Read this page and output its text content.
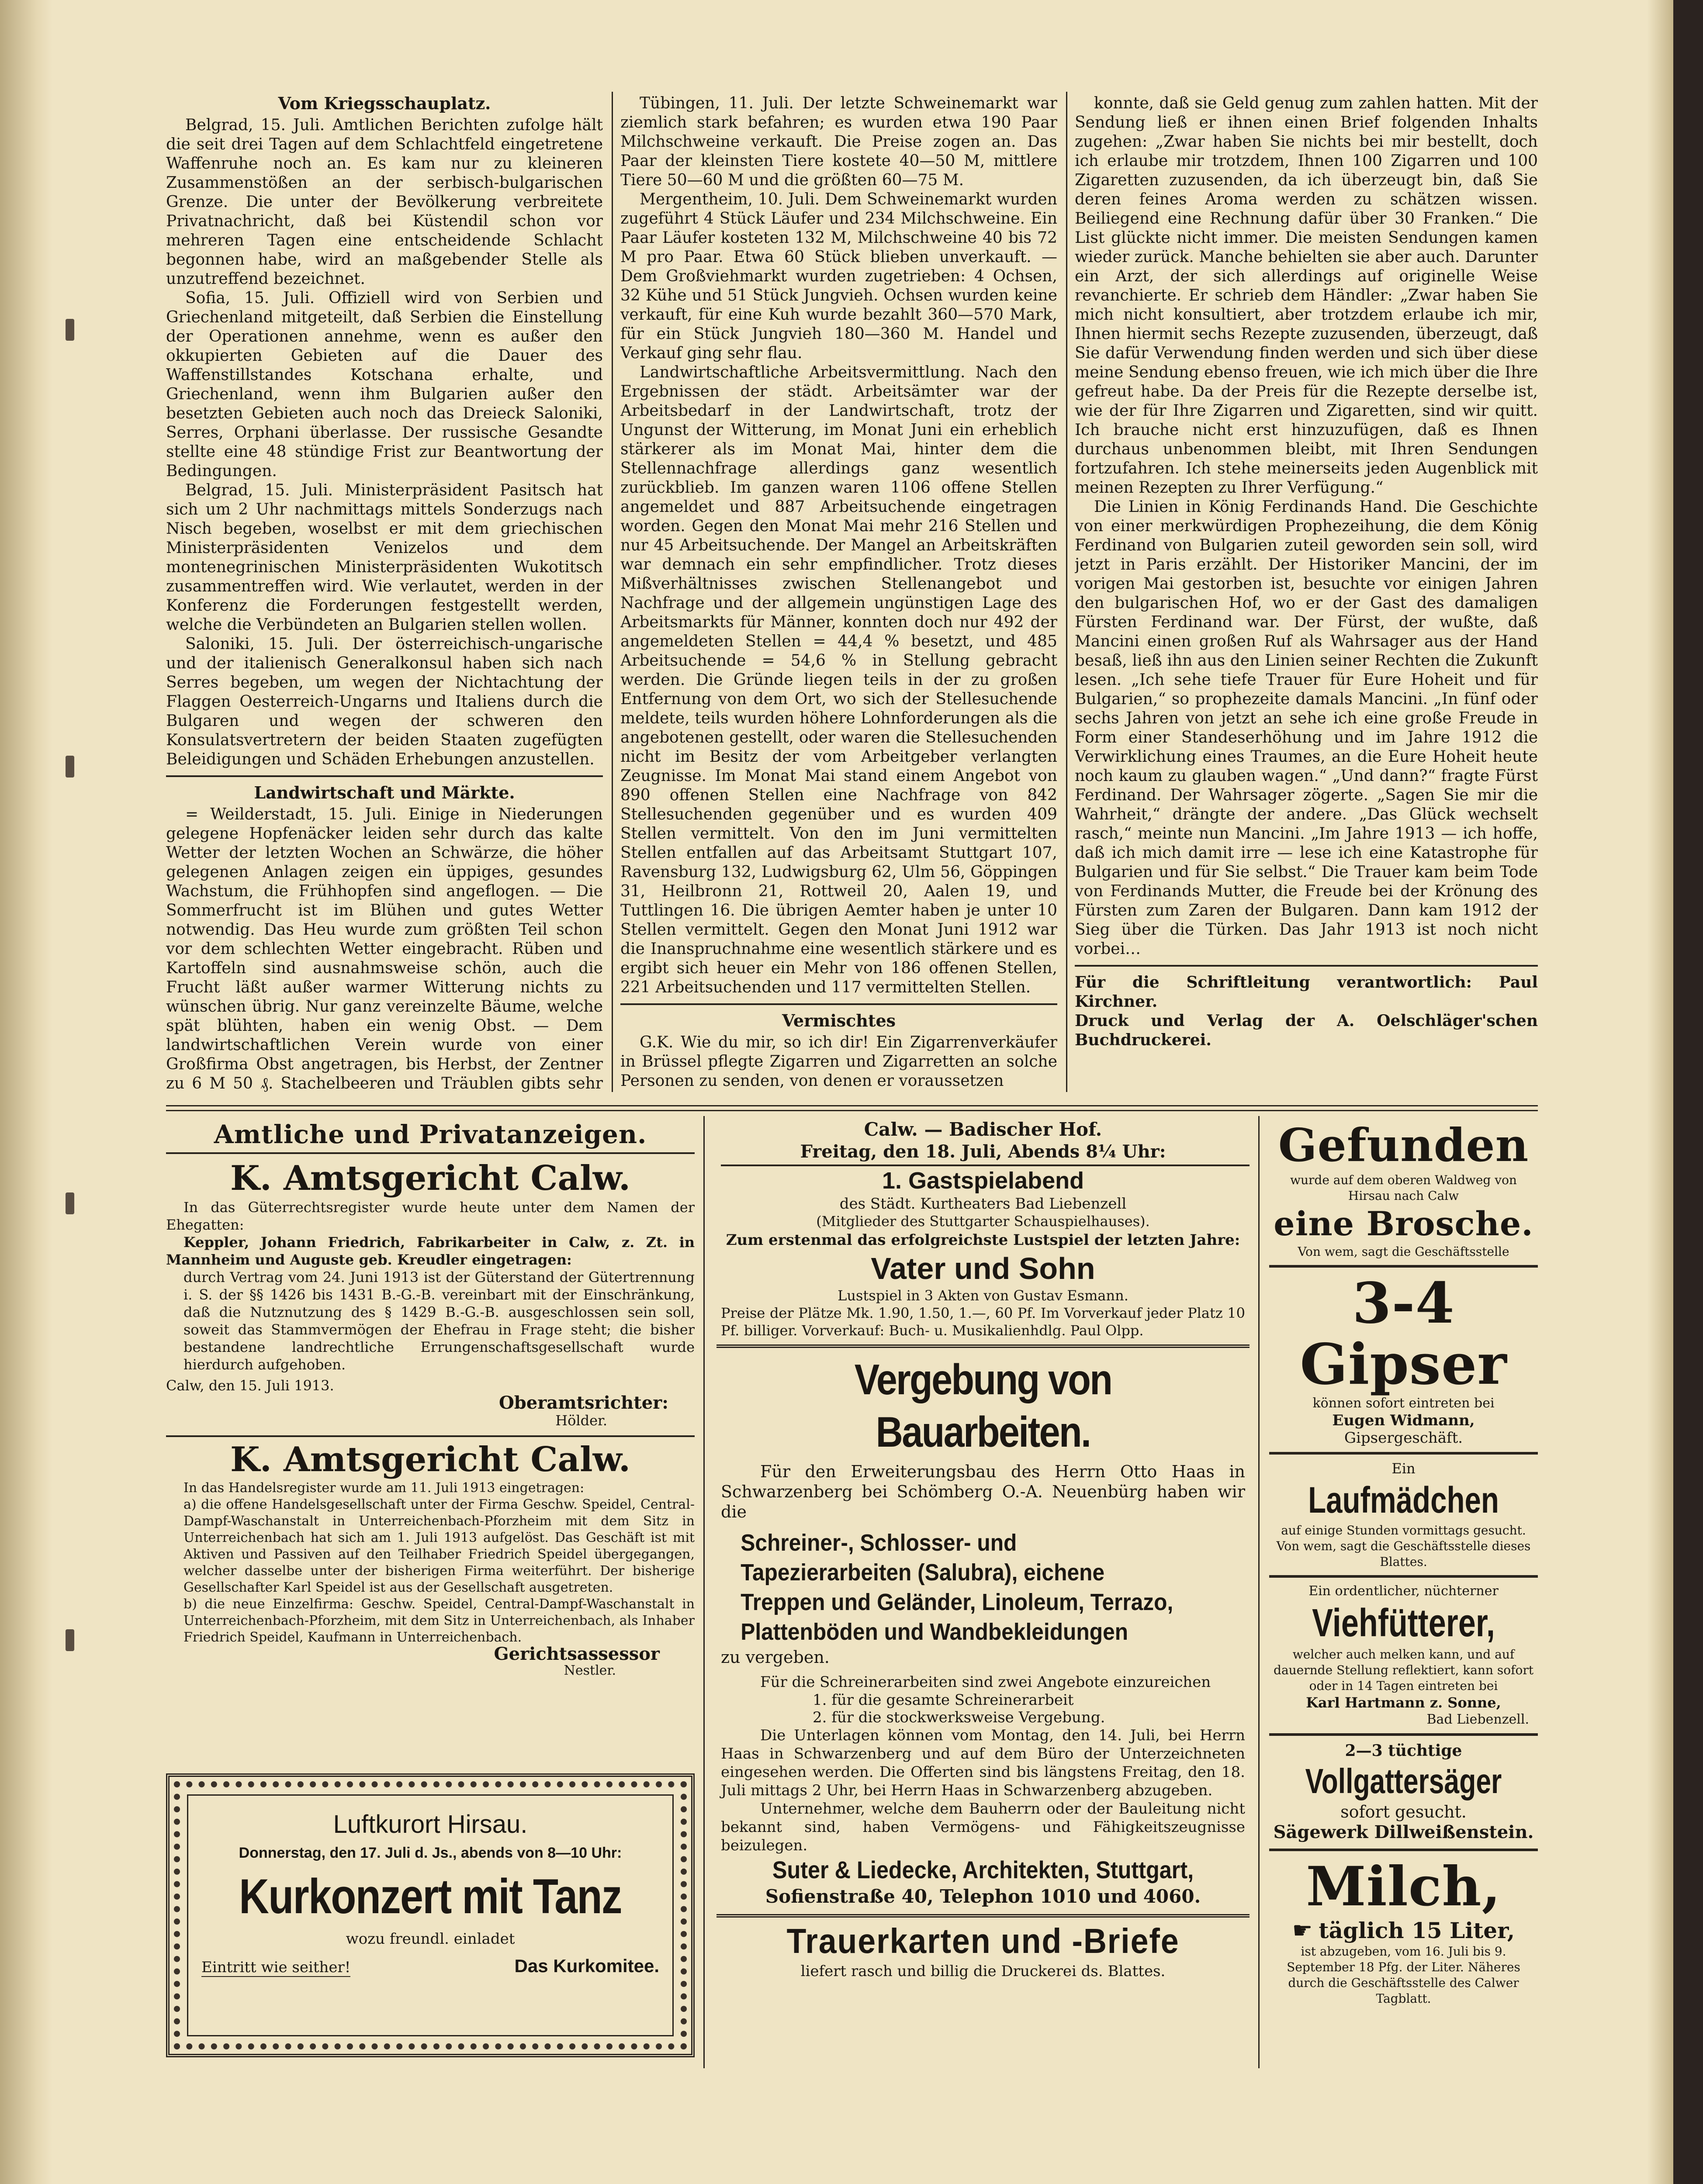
Vom Kriegsschauplatz.

Belgrad, 15. Juli. Amtlichen Berichten zufolge hält die seit drei Tagen auf dem Schlachtfeld eingetretene Waffenruhe noch an. Es kam nur zu kleineren Zusammenstößen an der serbisch-bulgarischen Grenze. Die unter der Bevölkerung verbreitete Privatnachricht, daß bei Küstendil schon vor mehreren Tagen eine entscheidende Schlacht begonnen habe, wird an maßgebender Stelle als unzutreffend bezeichnet.

Sofia, 15. Juli. Offiziell wird von Serbien und Griechenland mitgeteilt, daß Serbien die Einstellung der Operationen annehme, wenn es außer den okkupierten Gebieten auf die Dauer des Waffenstillstandes Kotschana erhalte, und Griechenland, wenn ihm Bulgarien außer den besetzten Gebieten auch noch das Dreieck Saloniki, Serres, Orphani überlasse. Der russische Gesandte stellte eine 48 stündige Frist zur Beantwortung der Bedingungen.

Belgrad, 15. Juli. Ministerpräsident Pasitsch hat sich um 2 Uhr nachmittags mittels Sonderzugs nach Nisch begeben, woselbst er mit dem griechischen Ministerpräsidenten Venizelos und dem montenegrinischen Ministerpräsidenten Wukotitsch zusammentreffen wird. Wie verlautet, werden in der Konferenz die Forderungen festgestellt werden, welche die Verbündeten an Bulgarien stellen wollen.

Saloniki, 15. Juli. Der österreichisch-ungarische und der italienisch Generalkonsul haben sich nach Serres begeben, um wegen der Nichtachtung der Flaggen Oesterreich-Ungarns und Italiens durch die Bulgaren und wegen der schweren den Konsulatsvertretern der beiden Staaten zugefügten Beleidigungen und Schäden Erhebungen anzustellen.

Landwirtschaft und Märkte.

= Weilderstadt, 15. Juli. Einige in Niederungen gelegene Hopfenäcker leiden sehr durch das kalte Wetter der letzten Wochen an Schwärze, die höher gelegenen Anlagen zeigen ein üppiges, gesundes Wachstum, die Frühhopfen sind angeflogen. — Die Sommerfrucht ist im Blühen und gutes Wetter notwendig. Das Heu wurde zum größten Teil schon vor dem schlechten Wetter eingebracht. Rüben und Kartoffeln sind ausnahmsweise schön, auch die Frucht läßt außer warmer Witterung nichts zu wünschen übrig. Nur ganz vereinzelte Bäume, welche spät blühten, haben ein wenig Obst. — Dem landwirtschaftlichen Verein wurde von einer Großfirma Obst angetragen, bis Herbst, der Zentner zu 6 M 50 ₰. Stachelbeeren und Träublen gibts sehr

Tübingen, 11. Juli. Der letzte Schweinemarkt war ziemlich stark befahren; es wurden etwa 190 Paar Milchschweine verkauft. Die Preise zogen an. Das Paar der kleinsten Tiere kostete 40—50 M, mittlere Tiere 50—60 M und die größten 60—75 M.

Mergentheim, 10. Juli. Dem Schweinemarkt wurden zugeführt 4 Stück Läufer und 234 Milchschweine. Ein Paar Läufer kosteten 132 M, Milchschweine 40 bis 72 M pro Paar. Etwa 60 Stück blieben unverkauft. — Dem Großviehmarkt wurden zugetrieben: 4 Ochsen, 32 Kühe und 51 Stück Jungvieh. Ochsen wurden keine verkauft, für eine Kuh wurde bezahlt 360—570 Mark, für ein Stück Jungvieh 180—360 M. Handel und Verkauf ging sehr flau.

Landwirtschaftliche Arbeitsvermittlung. Nach den Ergebnissen der städt. Arbeitsämter war der Arbeitsbedarf in der Landwirtschaft, trotz der Ungunst der Witterung, im Monat Juni ein erheblich stärkerer als im Monat Mai, hinter dem die Stellennachfrage allerdings ganz wesentlich zurückblieb. Im ganzen waren 1106 offene Stellen angemeldet und 887 Arbeitsuchende eingetragen worden. Gegen den Monat Mai mehr 216 Stellen und nur 45 Arbeitsuchende. Der Mangel an Arbeitskräften war demnach ein sehr empfindlicher. Trotz dieses Mißverhältnisses zwischen Stellenangebot und Nachfrage und der allgemein ungünstigen Lage des Arbeitsmarkts für Männer, konnten doch nur 492 der angemeldeten Stellen = 44,4 % besetzt, und 485 Arbeitsuchende = 54,6 % in Stellung gebracht werden. Die Gründe liegen teils in der zu großen Entfernung von dem Ort, wo sich der Stellesuchende meldete, teils wurden höhere Lohnforderungen als die angebotenen gestellt, oder waren die Stellesuchenden nicht im Besitz der vom Arbeitgeber verlangten Zeugnisse. Im Monat Mai stand einem Angebot von 890 offenen Stellen eine Nachfrage von 842 Stellesuchenden gegenüber und es wurden 409 Stellen vermittelt. Von den im Juni vermittelten Stellen entfallen auf das Arbeitsamt Stuttgart 107, Ravensburg 132, Ludwigsburg 62, Ulm 56, Göppingen 31, Heilbronn 21, Rottweil 20, Aalen 19, und Tuttlingen 16. Die übrigen Aemter haben je unter 10 Stellen vermittelt. Gegen den Monat Juni 1912 war die Inanspruchnahme eine wesentlich stärkere und es ergibt sich heuer ein Mehr von 186 offenen Stellen, 221 Arbeitsuchenden und 117 vermittelten Stellen.

Vermischtes

G.K. Wie du mir, so ich dir! Ein Zigarrenverkäufer in Brüssel pflegte Zigarren und Zigarretten an solche Personen zu senden, von denen er voraussetzen

konnte, daß sie Geld genug zum zahlen hatten. Mit der Sendung ließ er ihnen einen Brief folgenden Inhalts zugehen: „Zwar haben Sie nichts bei mir bestellt, doch ich erlaube mir trotzdem, Ihnen 100 Zigarren und 100 Zigaretten zuzusenden, da ich überzeugt bin, daß Sie deren feines Aroma werden zu schätzen wissen. Beiliegend eine Rechnung dafür über 30 Franken.“ Die List glückte nicht immer. Die meisten Sendungen kamen wieder zurück. Manche behielten sie aber auch. Darunter ein Arzt, der sich allerdings auf originelle Weise revanchierte. Er schrieb dem Händler: „Zwar haben Sie mich nicht konsultiert, aber trotzdem erlaube ich mir, Ihnen hiermit sechs Rezepte zuzusenden, überzeugt, daß Sie dafür Verwendung finden werden und sich über diese meine Sendung ebenso freuen, wie ich mich über die Ihre gefreut habe. Da der Preis für die Rezepte derselbe ist, wie der für Ihre Zigarren und Zigaretten, sind wir quitt. Ich brauche nicht erst hinzuzufügen, daß es Ihnen durchaus unbenommen bleibt, mit Ihren Sendungen fortzufahren. Ich stehe meinerseits jeden Augenblick mit meinen Rezepten zu Ihrer Verfügung.“

Die Linien in König Ferdinands Hand. Die Geschichte von einer merkwürdigen Prophezeihung, die dem König Ferdinand von Bulgarien zuteil geworden sein soll, wird jetzt in Paris erzählt. Der Historiker Mancini, der im vorigen Mai gestorben ist, besuchte vor einigen Jahren den bulgarischen Hof, wo er der Gast des damaligen Fürsten Ferdinand war. Der Fürst, der wußte, daß Mancini einen großen Ruf als Wahrsager aus der Hand besaß, ließ ihn aus den Linien seiner Rechten die Zukunft lesen. „Ich sehe tiefe Trauer für Eure Hoheit und für Bulgarien,“ so prophezeite damals Mancini. „In fünf oder sechs Jahren von jetzt an sehe ich eine große Freude in Form einer Standeserhöhung und im Jahre 1912 die Verwirklichung eines Traumes, an die Eure Hoheit heute noch kaum zu glauben wagen.“ „Und dann?“ fragte Fürst Ferdinand. Der Wahrsager zögerte. „Sagen Sie mir die Wahrheit,“ drängte der andere. „Das Glück wechselt rasch,“ meinte nun Mancini. „Im Jahre 1913 — ich hoffe, daß ich mich damit irre — lese ich eine Katastrophe für Bulgarien und für Sie selbst.“ Die Trauer kam beim Tode von Ferdinands Mutter, die Freude bei der Krönung des Fürsten zum Zaren der Bulgaren. Dann kam 1912 der Sieg über die Türken. Das Jahr 1913 ist noch nicht vorbei…

Für die Schriftleitung verantwortlich: Paul Kirchner.

Druck und Verlag der A. Oelschläger'schen Buchdruckerei.

Amtliche und Privatanzeigen.
K. Amtsgericht Calw.
In das Güterrechtsregister wurde heute unter dem Namen der Ehegatten:
Keppler, Johann Friedrich, Fabrikarbeiter in Calw, z. Zt. in Mannheim und Auguste geb. Kreudler eingetragen:
durch Vertrag vom 24. Juni 1913 ist der Güterstand der Gütertrennung i. S. der §§ 1426 bis 1431 B.-G.-B. vereinbart mit der Einschränkung, daß die Nutznutzung des § 1429 B.-G.-B. ausgeschlossen sein soll, soweit das Stammvermögen der Ehefrau in Frage steht; die bisher bestandene landrechtliche Errungenschaftsgesellschaft wurde hierdurch aufgehoben.
Calw, den 15. Juli 1913.
Oberamtsrichter:
Hölder.
K. Amtsgericht Calw.
In das Handelsregister wurde am 11. Juli 1913 eingetragen:
a) die offene Handelsgesellschaft unter der Firma Geschw. Speidel, Central-Dampf-Waschanstalt in Unterreichenbach-Pforzheim mit dem Sitz in Unterreichenbach hat sich am 1. Juli 1913 aufgelöst. Das Geschäft ist mit Aktiven und Passiven auf den Teilhaber Friedrich Speidel übergegangen, welcher dasselbe unter der bisherigen Firma weiterführt. Der bisherige Gesellschafter Karl Speidel ist aus der Gesellschaft ausgetreten.
b) die neue Einzelfirma: Geschw. Speidel, Central-Dampf-Waschanstalt in Unterreichenbach-Pforzheim, mit dem Sitz in Unterreichenbach, als Inhaber Friedrich Speidel, Kaufmann in Unterreichenbach.
Gerichtsassessor
Nestler.
Luftkurort Hirsau.
Donnerstag, den 17. Juli d. Js., abends von 8—10 Uhr:
Kurkonzert mit Tanz
wozu freundl. einladet
Eintritt wie seither!	Das Kurkomitee.
Calw. — Badischer Hof.
Freitag, den 18. Juli, Abends 8¼ Uhr:
1. Gastspielabend
des Städt. Kurtheaters Bad Liebenzell
(Mitglieder des Stuttgarter Schauspielhauses).
Zum erstenmal das erfolgreichste Lustspiel der letzten Jahre:
Vater und Sohn
Lustspiel in 3 Akten von Gustav Esmann.
Preise der Plätze Mk. 1.90, 1.50, 1.—, 60 Pf. Im Vorverkauf jeder Platz 10 Pf. billiger. Vorverkauf: Buch- u. Musikalienhdlg. Paul Olpp.
Vergebung von Bauarbeiten.
Für den Erweiterungsbau des Herrn Otto Haas in Schwarzenberg bei Schömberg O.-A. Neuenbürg haben wir die
Schreiner-, Schlosser- und Tapezierarbeiten (Salubra), eichene Treppen und Geländer, Linoleum, Terrazo, Plattenböden und Wandbekleidungen
zu vergeben.
Für die Schreinerarbeiten sind zwei Angebote einzureichen
1. für die gesamte Schreinerarbeit
2. für die stockwerksweise Vergebung.
Die Unterlagen können vom Montag, den 14. Juli, bei Herrn Haas in Schwarzenberg und auf dem Büro der Unterzeichneten eingesehen werden. Die Offerten sind bis längstens Freitag, den 18. Juli mittags 2 Uhr, bei Herrn Haas in Schwarzenberg abzugeben.
Unternehmer, welche dem Bauherrn oder der Bauleitung nicht bekannt sind, haben Vermögens- und Fähigkeitszeugnisse beizulegen.
Suter & Liedecke, Architekten, Stuttgart,
Sofienstraße 40, Telephon 1010 und 4060.
Trauerkarten und -Briefe
liefert rasch und billig die Druckerei ds. Blattes.
Gefunden
wurde auf dem oberen Waldweg von Hirsau nach Calw
eine Brosche.
Von wem, sagt die Geschäftsstelle
3-4 Gipser
können sofort eintreten bei
Eugen Widmann,
Gipsergeschäft.
Ein
Laufmädchen
auf einige Stunden vormittags gesucht. Von wem, sagt die Geschäftsstelle dieses Blattes.
Ein ordentlicher, nüchterner
Viehfütterer,
welcher auch melken kann, und auf dauernde Stellung reflektiert, kann sofort oder in 14 Tagen eintreten bei
Karl Hartmann z. Sonne,
Bad Liebenzell.
2—3 tüchtige
Vollgattersäger
sofort gesucht.
Sägewerk Dillweißenstein.
Milch,
☛ täglich 15 Liter,
ist abzugeben, vom 16. Juli bis 9. September 18 Pfg. der Liter. Näheres durch die Geschäftsstelle des Calwer Tagblatt.
